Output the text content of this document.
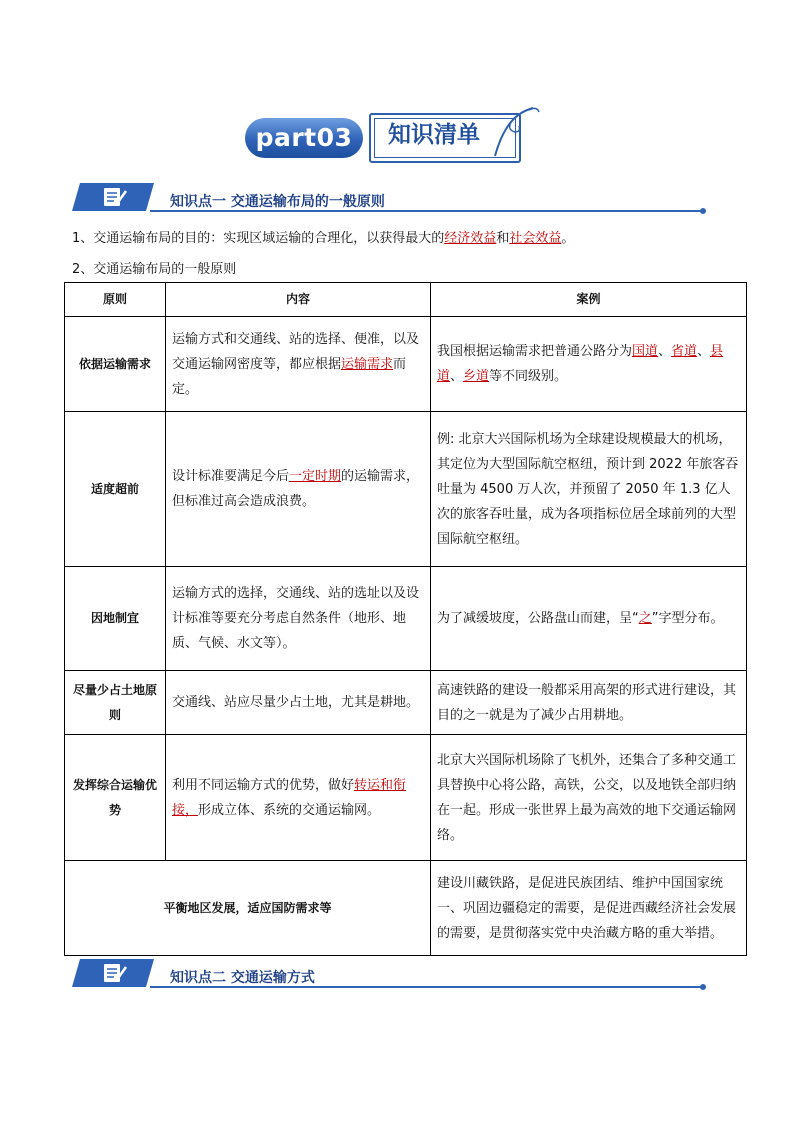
part03	知识清单
知识点一 交通运输布局的一般原则
1、交通运输布局的目的：实现区域运输的合理化，以获得最大的经济效益和社会效益。
2、交通运输布局的一般原则
原则	内容	案例
依据运输需求	运输方式和交通线、站的选择、便准，以及交通运输网密度等，都应根据运输需求而定。	我国根据运输需求把普通公路分为国道、省道、县道、乡道等不同级别。
适度超前	设计标准要满足今后一定时期的运输需求，但标准过高会造成浪费。	例: 北京大兴国际机场为全球建设规模最大的机场，其定位为大型国际航空枢纽，预计到 2022 年旅客吞吐量为 4500 万人次，并预留了 2050 年 1.3 亿人次的旅客吞吐量，成为各项指标位居全球前列的大型国际航空枢纽。
因地制宜	运输方式的选择，交通线、站的选址以及设计标准等要充分考虑自然条件（地形、地质、气候、水文等）。	为了减缓坡度，公路盘山而建，呈“之”字型分布。
尽量少占土地原则	交通线、站应尽量少占土地，尤其是耕地。	高速铁路的建设一般都采用高架的形式进行建设，其目的之一就是为了减少占用耕地。
发挥综合运输优势	利用不同运输方式的优势，做好转运和衔接，形成立体、系统的交通运输网。	北京大兴国际机场除了飞机外，还集合了多种交通工具替换中心将公路，高铁，公交，以及地铁全部归纳在一起。形成一张世界上最为高效的地下交通运输网络。
平衡地区发展，适应国防需求等		建设川藏铁路，是促进民族团结、维护中国国家统一、巩固边疆稳定的需要，是促进西藏经济社会发展的需要，是贯彻落实党中央治藏方略的重大举措。
知识点二 交通运输方式
